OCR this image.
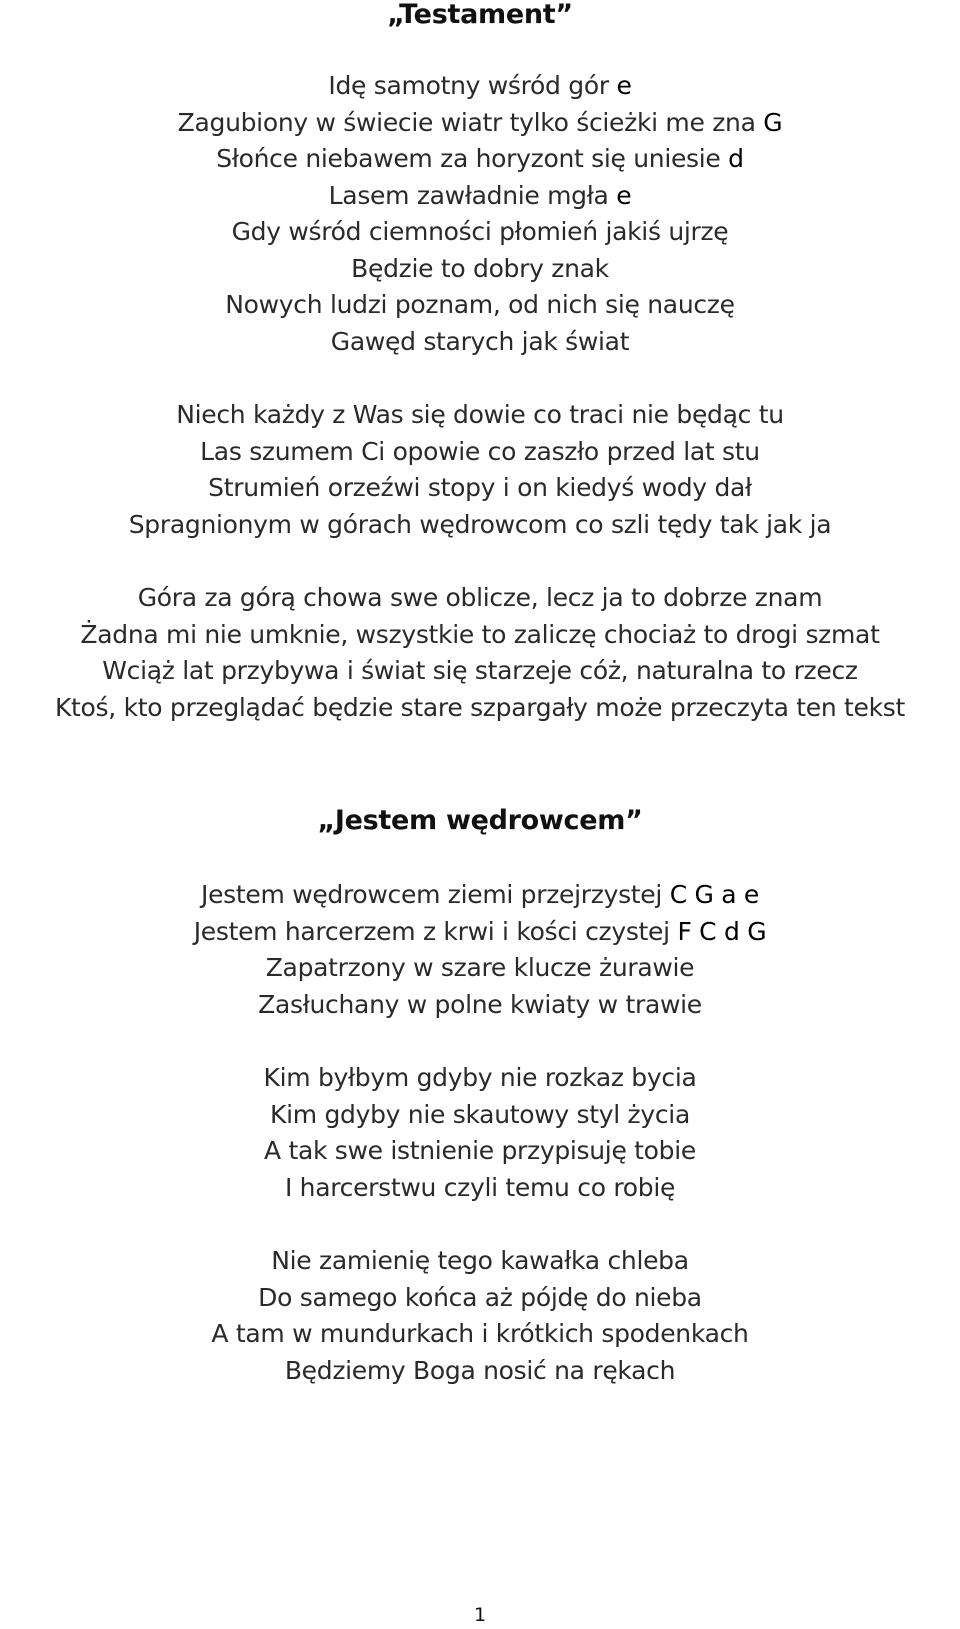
„Testament”
Idę samotny wśród gór e
Zagubiony w świecie wiatr tylko ścieżki me zna G
Słońce niebawem za horyzont się uniesie d
Lasem zawładnie mgła e
Gdy wśród ciemności płomień jakiś ujrzę
Będzie to dobry znak
Nowych ludzi poznam, od nich się nauczę
Gawęd starych jak świat
Niech każdy z Was się dowie co traci nie będąc tu
Las szumem Ci opowie co zaszło przed lat stu
Strumień orzeźwi stopy i on kiedyś wody dał
Spragnionym w górach wędrowcom co szli tędy tak jak ja
Góra za górą chowa swe oblicze, lecz ja to dobrze znam
Żadna mi nie umknie, wszystkie to zaliczę chociaż to drogi szmat
Wciąż lat przybywa i świat się starzeje cóż, naturalna to rzecz
Ktoś, kto przeglądać będzie stare szpargały może przeczyta ten tekst
„Jestem wędrowcem”
Jestem wędrowcem ziemi przejrzystej C G a e
Jestem harcerzem z krwi i kości czystej F C d G
Zapatrzony w szare klucze żurawie
Zasłuchany w polne kwiaty w trawie
Kim byłbym gdyby nie rozkaz bycia
Kim gdyby nie skautowy styl życia
A tak swe istnienie przypisuję tobie
I harcerstwu czyli temu co robię
Nie zamienię tego kawałka chleba
Do samego końca aż pójdę do nieba
A tam w mundurkach i krótkich spodenkach
Będziemy Boga nosić na rękach
1
